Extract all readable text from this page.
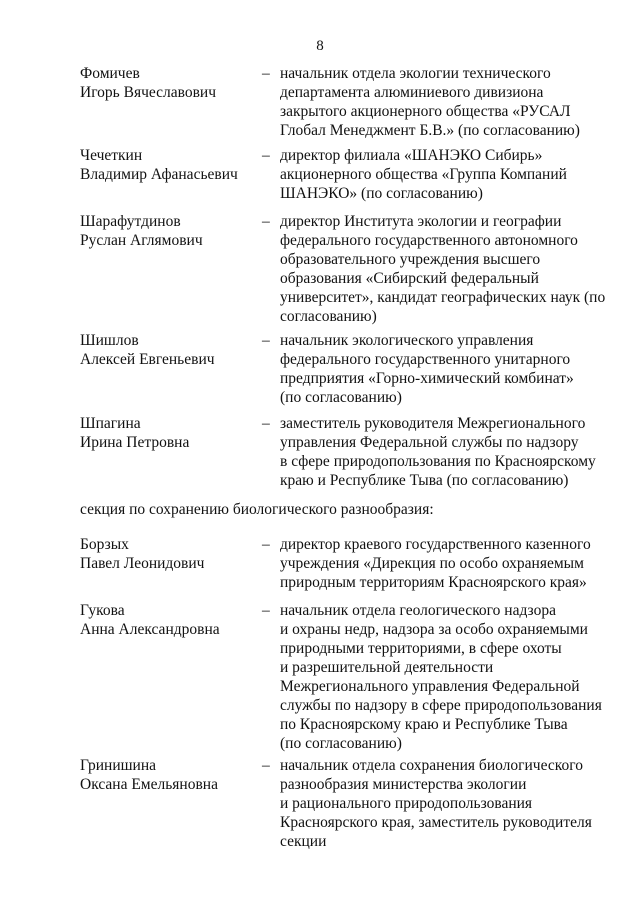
8
Фомичев
Игорь Вячеславович
– начальник отдела экологии технического
департамента алюминиевого дивизиона
закрытого акционерного общества «РУСАЛ
Глобал Менеджмент Б.В.» (по согласованию)
Чечеткин
Владимир Афанасьевич
– директор филиала «ШАНЭКО Сибирь»
акционерного общества «Группа Компаний
ШАНЭКО» (по согласованию)
Шарафутдинов
Руслан Аглямович
– директор Института экологии и географии
федерального государственного автономного
образовательного учреждения высшего
образования «Сибирский федеральный
университет», кандидат географических наук (по
согласованию)
Шишлов
Алексей Евгеньевич
– начальник экологического управления
федерального государственного унитарного
предприятия «Горно-химический комбинат»
(по согласованию)
Шпагина
Ирина Петровна
– заместитель руководителя Межрегионального
управления Федеральной службы по надзору
в сфере природопользования по Красноярскому
краю и Республике Тыва (по согласованию)
секция по сохранению биологического разнообразия:
Борзых
Павел Леонидович
– директор краевого государственного казенного
учреждения «Дирекция по особо охраняемым
природным территориям Красноярского края»
Гукова
Анна Александровна
– начальник отдела геологического надзора
и охраны недр, надзора за особо охраняемыми
природными территориями, в сфере охоты
и разрешительной деятельности
Межрегионального управления Федеральной
службы по надзору в сфере природопользования
по Красноярскому краю и Республике Тыва
(по согласованию)
Гринишина
Оксана Емельяновна
– начальник отдела сохранения биологического
разнообразия министерства экологии
и рационального природопользования
Красноярского края, заместитель руководителя
секции
